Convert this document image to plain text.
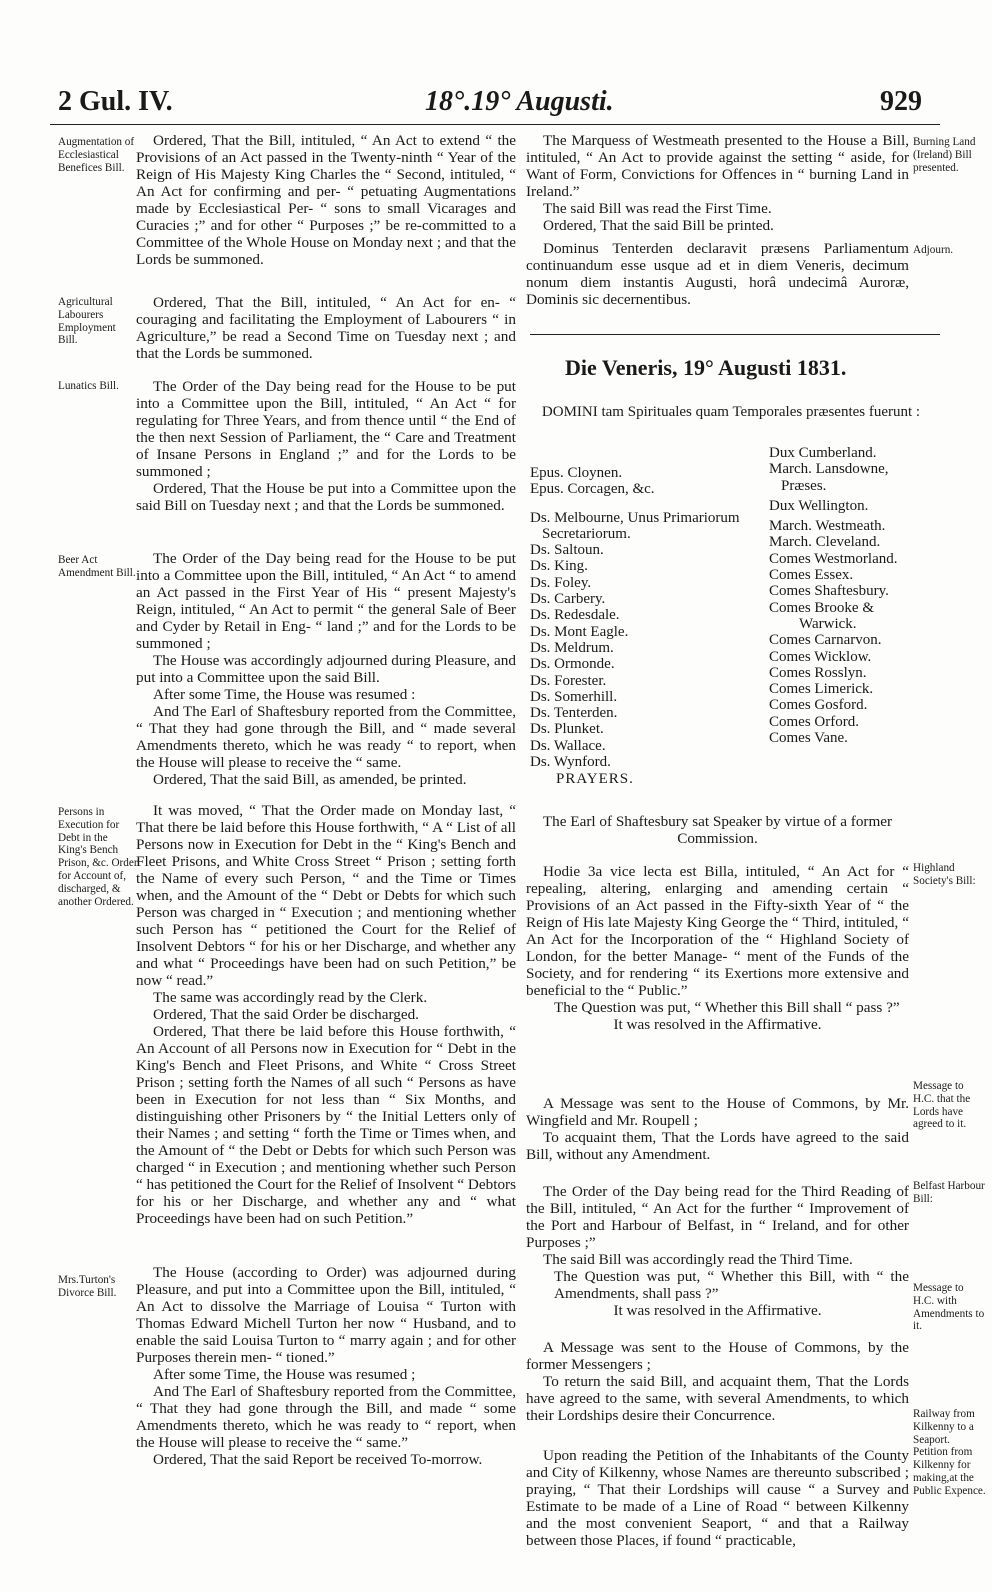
2 Gul. IV.	18°.19° Augusti.	929
Augmentation of Ecclesiastical Benefices Bill.
Agricultural Labourers Employment Bill.
Lunatics Bill.
Beer Act Amendment Bill.
Persons in Execution for Debt in the King's Bench Prison, &c. Order for Account of, discharged, & another Ordered.
Mrs.Turton's Divorce Bill.

Ordered, That the Bill, intituled, “ An Act to extend “ the Provisions of an Act passed in the Twenty-ninth “ Year of the Reign of His Majesty King Charles the “ Second, intituled, “ An Act for confirming and per- “ petuating Augmentations made by Ecclesiastical Per- “ sons to small Vicarages and Curacies ;” and for other “ Purposes ;” be re-committed to a Committee of the Whole House on Monday next ; and that the Lords be summoned.

Ordered, That the Bill, intituled, “ An Act for en- “ couraging and facilitating the Employment of Labourers “ in Agriculture,” be read a Second Time on Tuesday next ; and that the Lords be summoned.

The Order of the Day being read for the House to be put into a Committee upon the Bill, intituled, “ An Act “ for regulating for Three Years, and from thence until “ the End of the then next Session of Parliament, the “ Care and Treatment of Insane Persons in England ;” and for the Lords to be summoned ;

Ordered, That the House be put into a Committee upon the said Bill on Tuesday next ; and that the Lords be summoned.

The Order of the Day being read for the House to be put into a Committee upon the Bill, intituled, “ An Act “ to amend an Act passed in the First Year of His “ present Majesty's Reign, intituled, “ An Act to permit “ the general Sale of Beer and Cyder by Retail in Eng- “ land ;” and for the Lords to be summoned ;

The House was accordingly adjourned during Pleasure, and put into a Committee upon the said Bill.

After some Time, the House was resumed :

And The Earl of Shaftesbury reported from the Committee, “ That they had gone through the Bill, and “ made several Amendments thereto, which he was ready “ to report, when the House will please to receive the “ same.

Ordered, That the said Bill, as amended, be printed.

It was moved, “ That the Order made on Monday last, “ That there be laid before this House forthwith, “ A “ List of all Persons now in Execution for Debt in the “ King's Bench and Fleet Prisons, and White Cross Street “ Prison ; setting forth the Name of every such Person, “ and the Time or Times when, and the Amount of the “ Debt or Debts for which such Person was charged in “ Execution ; and mentioning whether such Person has “ petitioned the Court for the Relief of Insolvent Debtors “ for his or her Discharge, and whether any and what “ Proceedings have been had on such Petition,” be now “ read.”

The same was accordingly read by the Clerk.

Ordered, That the said Order be discharged.

Ordered, That there be laid before this House forthwith, “ An Account of all Persons now in Execution for “ Debt in the King's Bench and Fleet Prisons, and White “ Cross Street Prison ; setting forth the Names of all such “ Persons as have been in Execution for not less than “ Six Months, and distinguishing other Prisoners by “ the Initial Letters only of their Names ; and setting “ forth the Time or Times when, and the Amount of “ the Debt or Debts for which such Person was charged “ in Execution ; and mentioning whether such Person “ has petitioned the Court for the Relief of Insolvent “ Debtors for his or her Discharge, and whether any and “ what Proceedings have been had on such Petition.”

The House (according to Order) was adjourned during Pleasure, and put into a Committee upon the Bill, intituled, “ An Act to dissolve the Marriage of Louisa “ Turton with Thomas Edward Michell Turton her now “ Husband, and to enable the said Louisa Turton to “ marry again ; and for other Purposes therein men- “ tioned.”

After some Time, the House was resumed ;

And The Earl of Shaftesbury reported from the Committee, “ That they had gone through the Bill, and made “ some Amendments thereto, which he was ready to “ report, when the House will please to receive the “ same.”

Ordered, That the said Report be received To-morrow.

The Marquess of Westmeath presented to the House a Bill, intituled, “ An Act to provide against the setting “ aside, for Want of Form, Convictions for Offences in “ burning Land in Ireland.”

The said Bill was read the First Time.

Ordered, That the said Bill be printed.

Dominus Tenterden declaravit præsens Parliamentum continuandum esse usque ad et in diem Veneris, decimum nonum diem instantis Augusti, horâ undecimâ Auroræ, Dominis sic decernentibus.

Burning Land (Ireland) Bill presented.
Adjourn.
Die Veneris, 19° Augusti 1831.
DOMINI tam Spirituales quam Temporales præsentes fuerunt :
Epus. Cloynen.
Epus. Corcagen, &c.
Ds. Melbourne, Unus Primariorum
Secretariorum.
Ds. Saltoun.
Ds. King.
Ds. Foley.
Ds. Carbery.
Ds. Redesdale.
Ds. Mont Eagle.
Ds. Meldrum.
Ds. Ormonde.
Ds. Forester.
Ds. Somerhill.
Ds. Tenterden.
Ds. Plunket.
Ds. Wallace.
Ds. Wynford.
Dux Cumberland.
March. Lansdowne,
Præses.
Dux Wellington.
March. Westmeath.
March. Cleveland.
Comes Westmorland.
Comes Essex.
Comes Shaftesbury.
Comes Brooke &
Warwick.
Comes Carnarvon.
Comes Wicklow.
Comes Rosslyn.
Comes Limerick.
Comes Gosford.
Comes Orford.
Comes Vane.
PRAYERS.

The Earl of Shaftesbury sat Speaker by virtue of a former Commission.

Hodie 3a vice lecta est Billa, intituled, “ An Act for “ repealing, altering, enlarging and amending certain “ Provisions of an Act passed in the Fifty-sixth Year of “ the Reign of His late Majesty King George the “ Third, intituled, “ An Act for the Incorporation of the “ Highland Society of London, for the better Manage- “ ment of the Funds of the Society, and for rendering “ its Exertions more extensive and beneficial to the “ Public.”

The Question was put, “ Whether this Bill shall “ pass ?”

It was resolved in the Affirmative.

A Message was sent to the House of Commons, by Mr. Wingfield and Mr. Roupell ;

To acquaint them, That the Lords have agreed to the said Bill, without any Amendment.

The Order of the Day being read for the Third Reading of the Bill, intituled, “ An Act for the further “ Improvement of the Port and Harbour of Belfast, in “ Ireland, and for other Purposes ;”

The said Bill was accordingly read the Third Time.

The Question was put, “ Whether this Bill, with “ the Amendments, shall pass ?”

It was resolved in the Affirmative.

A Message was sent to the House of Commons, by the former Messengers ;

To return the said Bill, and acquaint them, That the Lords have agreed to the same, with several Amendments, to which their Lordships desire their Concurrence.

Upon reading the Petition of the Inhabitants of the County and City of Kilkenny, whose Names are thereunto subscribed ; praying, “ That their Lordships will cause “ a Survey and Estimate to be made of a Line of Road “ between Kilkenny and the most convenient Seaport, “ and that a Railway between those Places, if found “ practicable,

Highland Society's Bill:
Message to H.C. that the Lords have agreed to it.
Belfast Harbour Bill:
Message to H.C. with Amendments to it.
Railway from Kilkenny to a Seaport. Petition from Kilkenny for making,at the Public Expence.
